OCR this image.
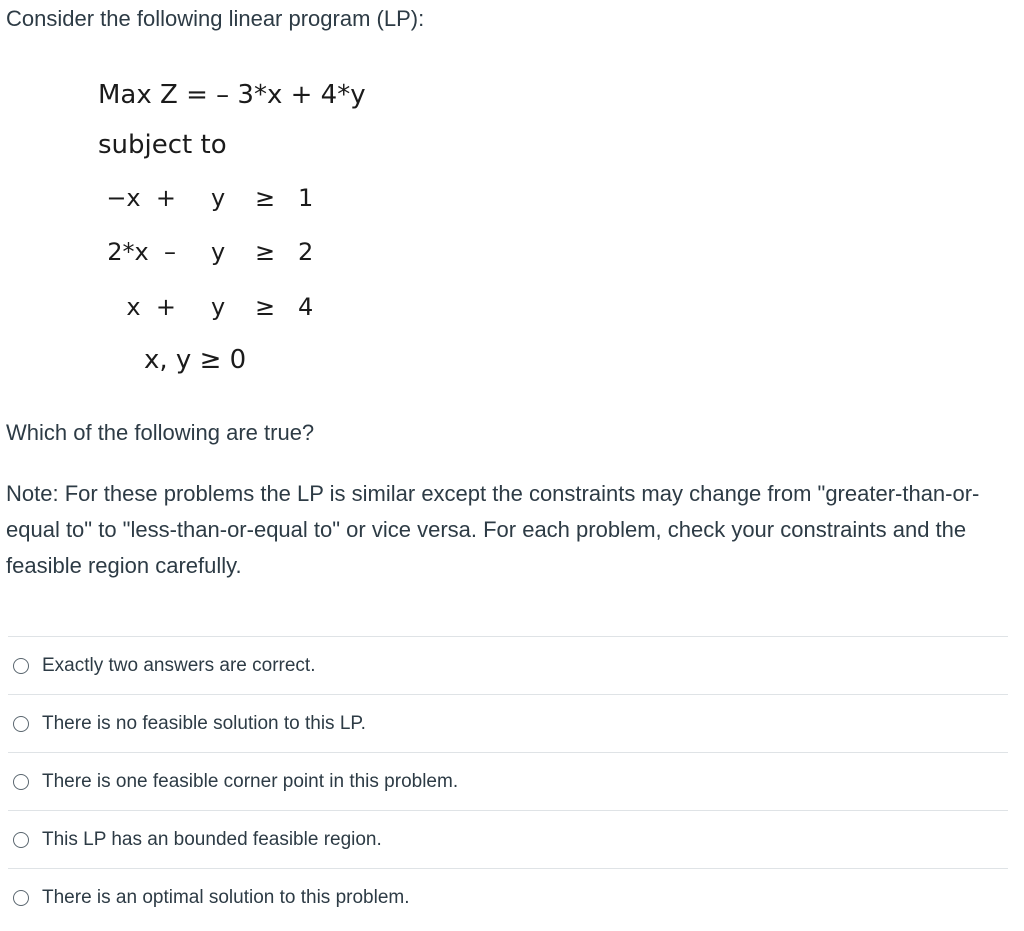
Consider the following linear program (LP):

Max Z = – 3*x + 4*y
subject to
−x  + y ≥ 1
2*x  – y ≥ 2
x  + y ≥ 4
x, y ≥ 0

Which of the following are true?

Note: For these problems the LP is similar except the constraints may change from "greater-than-or-equal to" to "less-than-or-equal to" or vice versa. For each problem, check your constraints and the feasible region carefully.

Exactly two answers are correct.
There is no feasible solution to this LP.
There is one feasible corner point in this problem.
This LP has an bounded feasible region.
There is an optimal solution to this problem.
